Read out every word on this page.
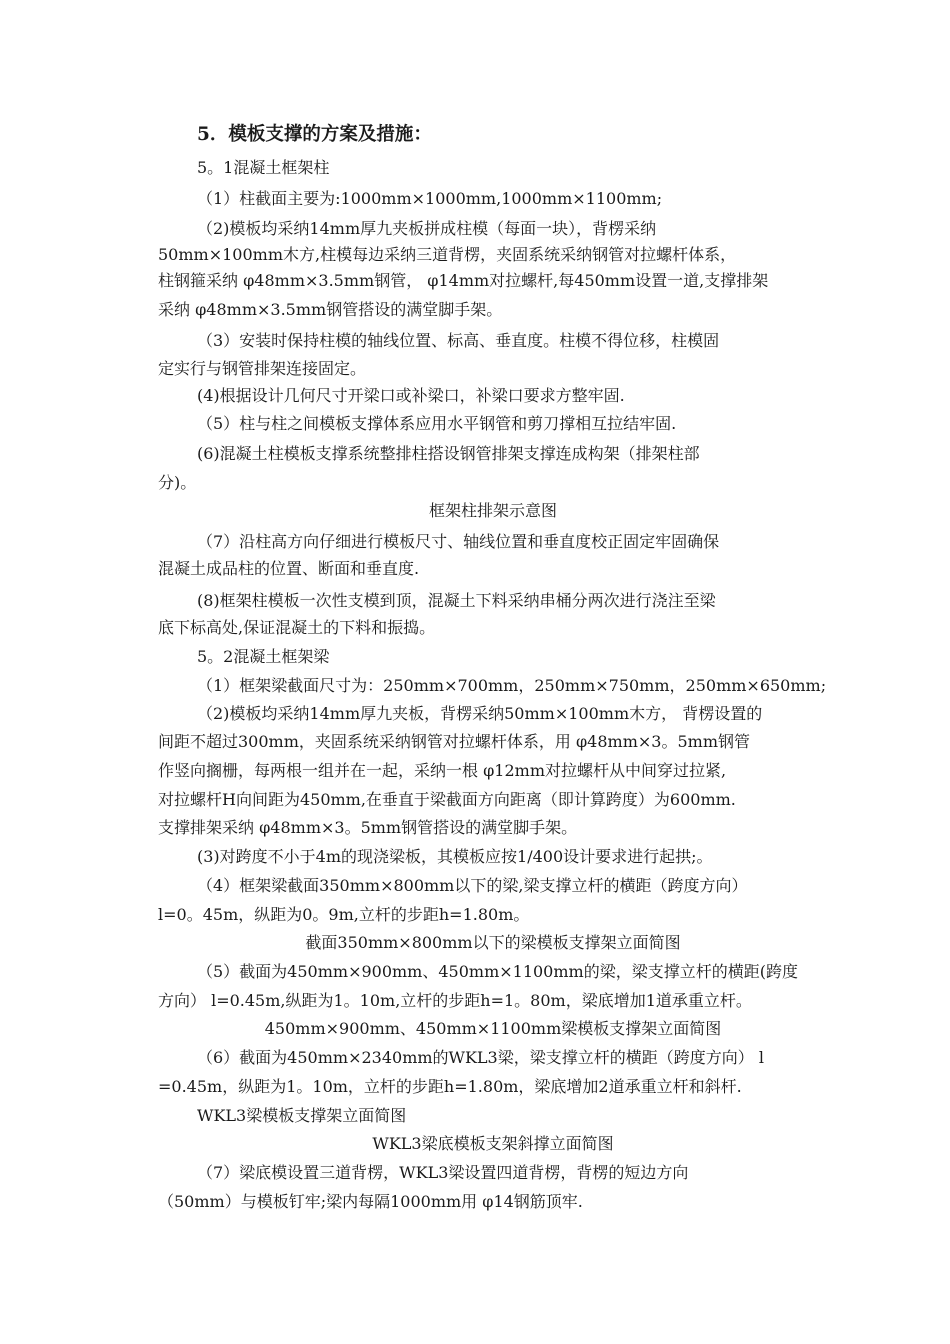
5．模板支撑的方案及措施：
5。1混凝土框架柱
（1）柱截面主要为:1000mm×1000mm,1000mm×1100mm;
（2)模板均采纳14mm厚九夹板拼成柱模（每面一块），背楞采纳
50mm×100mm木方,柱模每边采纳三道背楞，夹固系统采纳钢管对拉螺杆体系，
柱钢箍采纳 φ48mm×3.5mm钢管， φ14mm对拉螺杆,每450mm设置一道,支撑排架
采纳 φ48mm×3.5mm钢管搭设的满堂脚手架。
（3）安装时保持柱模的轴线位置、标高、垂直度。柱模不得位移，柱模固
定实行与钢管排架连接固定。
(4)根据设计几何尺寸开梁口或补梁口，补梁口要求方整牢固.
（5）柱与柱之间模板支撑体系应用水平钢管和剪刀撑相互拉结牢固.
(6)混凝土柱模板支撑系统整排柱搭设钢管排架支撑连成构架（排架柱部
分)。
框架柱排架示意图
（7）沿柱高方向仔细进行模板尺寸、轴线位置和垂直度校正固定牢固确保
混凝土成品柱的位置、断面和垂直度.
(8)框架柱模板一次性支模到顶，混凝土下料采纳串桶分两次进行浇注至梁
底下标高处,保证混凝土的下料和振捣。
5。2混凝土框架梁
（1）框架梁截面尺寸为：250mm×700mm，250mm×750mm，250mm×650mm;
（2)模板均采纳14mm厚九夹板，背楞采纳50mm×100mm木方， 背楞设置的
间距不超过300mm，夹固系统采纳钢管对拉螺杆体系，用 φ48mm×3。5mm钢管
作竖向搁栅，每两根一组并在一起，采纳一根 φ12mm对拉螺杆从中间穿过拉紧,
对拉螺杆H向间距为450mm,在垂直于梁截面方向距离（即计算跨度）为600mm.
支撑排架采纳 φ48mm×3。5mm钢管搭设的满堂脚手架。
(3)对跨度不小于4m的现浇梁板，其模板应按1/400设计要求进行起拱;。
（4）框架梁截面350mm×800mm以下的梁,梁支撑立杆的横距（跨度方向）
l=0。45m，纵距为0。9m,立杆的步距h=1.80m。
截面350mm×800mm以下的梁模板支撑架立面简图
（5）截面为450mm×900mm、450mm×1100mm的梁，梁支撑立杆的横距(跨度
方向） l=0.45m,纵距为1。10m,立杆的步距h=1。80m，梁底增加1道承重立杆。
450mm×900mm、450mm×1100mm梁模板支撑架立面简图
（6）截面为450mm×2340mm的WKL3梁，梁支撑立杆的横距（跨度方向） l
=0.45m，纵距为1。10m，立杆的步距h=1.80m，梁底增加2道承重立杆和斜杆.
WKL3梁模板支撑架立面简图
WKL3梁底模板支架斜撑立面简图
（7）梁底模设置三道背楞，WKL3梁设置四道背楞，背楞的短边方向
（50mm）与模板钉牢;梁内每隔1000mm用 φ14钢筋顶牢.
